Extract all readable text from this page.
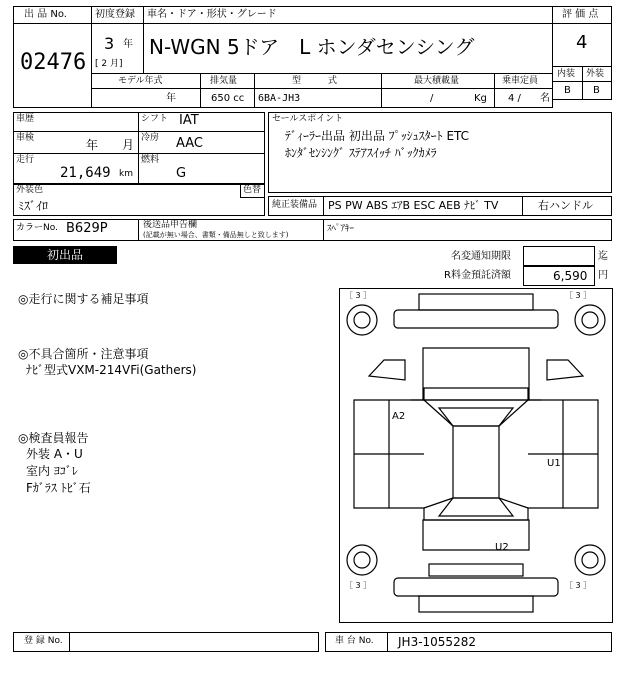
出 品 No.
02476
初度登録
3 年
[ 2 月]
車名・ドア・形状・グレード
N-WGN 5ドア　L ホンダセンシング
評 価 点
4
内装 外装
B B
モデル年式
年
排気量
650 cc
型　　　式
6BA-JH3
最大積載量
/	Kg
乗車定員
4 / 名
車歴
車検	年　　月
走行
21,649 km
シフト IAT
冷房 AAC
燃料
G
セールスポイント
ﾃﾞｨｰﾗｰ出品 初出品 ﾌﾟｯｼｭｽﾀｰﾄ ETC
ﾎﾝﾀﾞｾﾝｼﾝｸﾞ ｽﾃｱｽｲｯﾁ ﾊﾞｯｸｶﾒﾗ
外装色
ﾐｽﾞｲﾛ
色替
純正装備品 PS PW ABS ｴｱB ESC AEB ﾅﾋﾞ TV	右ハンドル
カラーNo. B629P	後送品申告欄
(記載が無い場合、書類・備品無しと致します)
ｽﾍﾟｱｷｰ
初出品	名変通知期限	迄
R料金預託済額	6,590 円
◎走行に関する補足事項
◎不具合箇所・注意事項
ﾅﾋﾞ型式VXM-214VFi(Gathers)
◎検査員報告
外装 A・U
室内 ﾖｺﾞﾚ
Fｶﾞﾗｽ ﾄﾋﾞ石
［ 3 ］	［ 3 ］
［ 3 ］	［ 3 ］
A2
U1
U2
登 録 No.	車 台 No. JH3-1055282
